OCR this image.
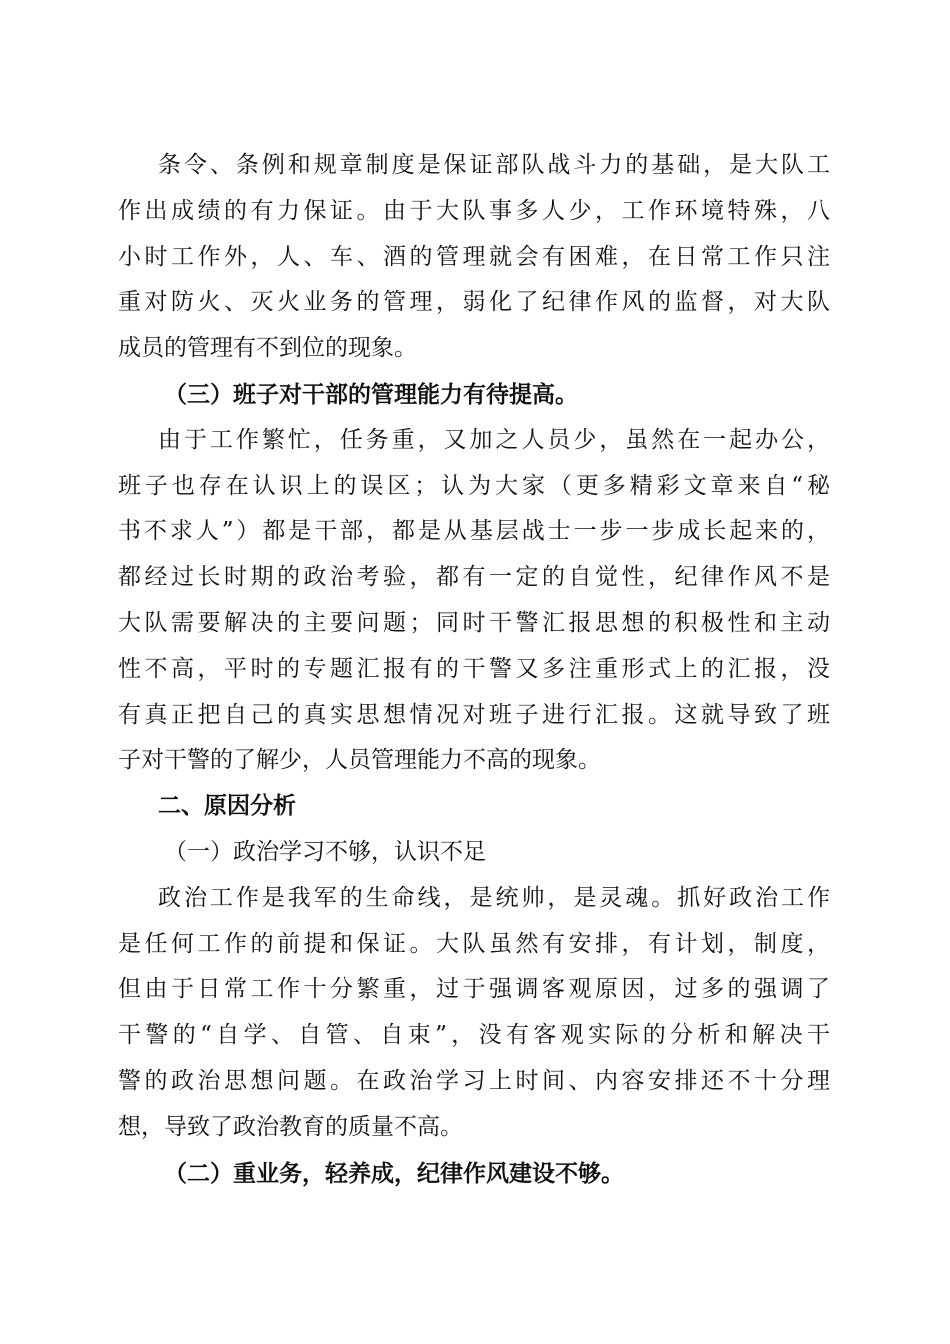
条令、条例和规章制度是保证部队战斗力的基础，是大队工
作出成绩的有力保证。由于大队事多人少，工作环境特殊，八
小时工作外，人、车、酒的管理就会有困难，在日常工作只注
重对防火、灭火业务的管理，弱化了纪律作风的监督，对大队
成员的管理有不到位的现象。
（三）班子对干部的管理能力有待提高。
由于工作繁忙，任务重，又加之人员少，虽然在一起办公，
班子也存在认识上的误区；认为大家（更多精彩文章来自“秘
书不求人”）都是干部，都是从基层战士一步一步成长起来的，
都经过长时期的政治考验，都有一定的自觉性，纪律作风不是
大队需要解决的主要问题；同时干警汇报思想的积极性和主动
性不高，平时的专题汇报有的干警又多注重形式上的汇报，没
有真正把自己的真实思想情况对班子进行汇报。这就导致了班
子对干警的了解少，人员管理能力不高的现象。
二、原因分析
（一）政治学习不够，认识不足
政治工作是我军的生命线，是统帅，是灵魂。抓好政治工作
是任何工作的前提和保证。大队虽然有安排，有计划，制度，
但由于日常工作十分繁重，过于强调客观原因，过多的强调了
干警的“自学、自管、自束”，没有客观实际的分析和解决干
警的政治思想问题。在政治学习上时间、内容安排还不十分理
想，导致了政治教育的质量不高。
（二）重业务，轻养成，纪律作风建设不够。
